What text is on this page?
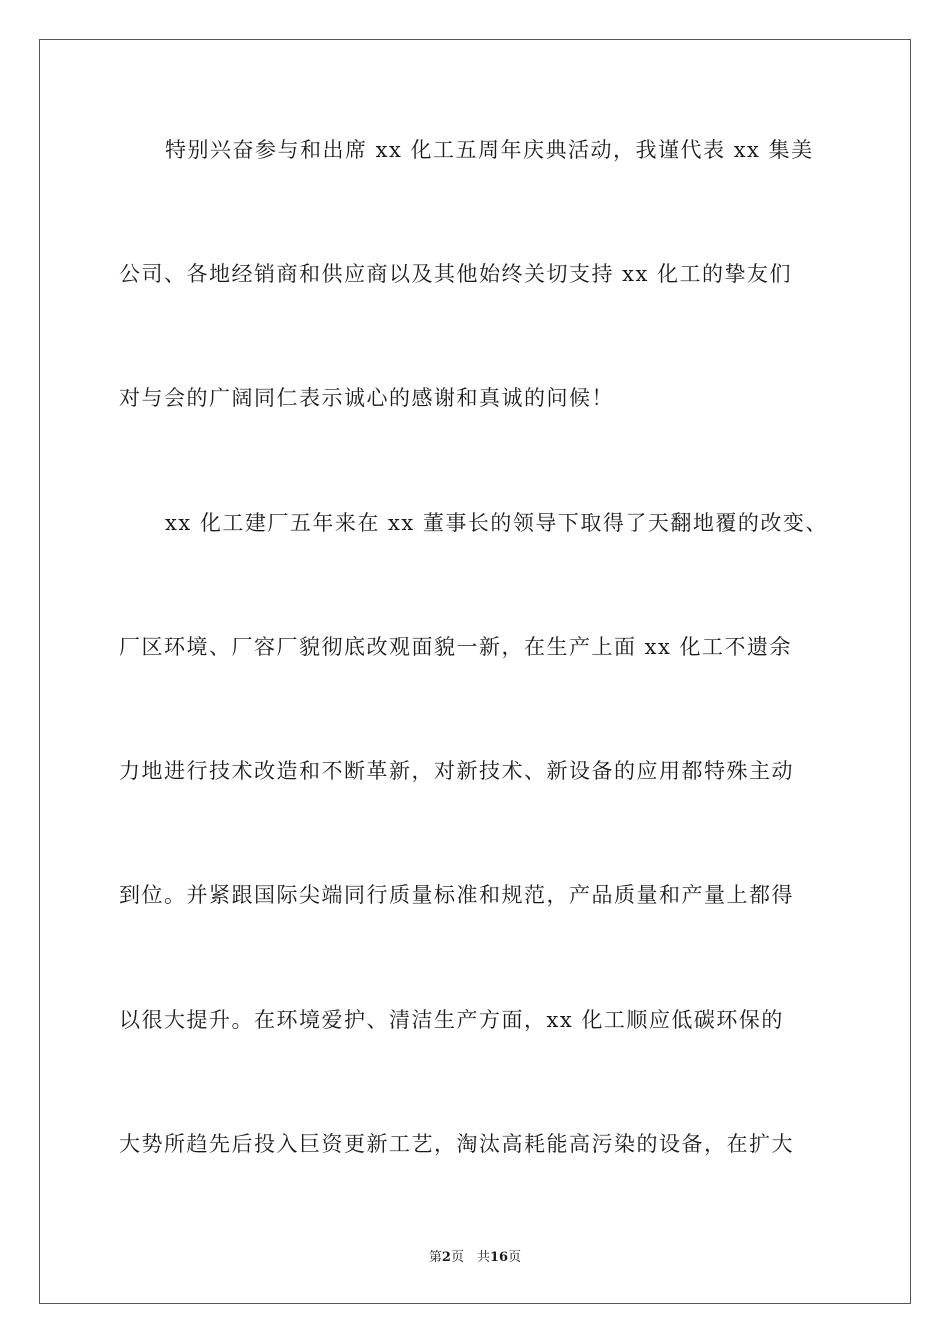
特别兴奋参与和出席 xx 化工五周年庆典活动，我谨代表 xx 集美
公司、各地经销商和供应商以及其他始终关切支持 xx 化工的挚友们
对与会的广阔同仁表示诚心的感谢和真诚的问候！
xx 化工建厂五年来在 xx 董事长的领导下取得了天翻地覆的改变、
厂区环境、厂容厂貌彻底改观面貌一新，在生产上面 xx 化工不遗余
力地进行技术改造和不断革新，对新技术、新设备的应用都特殊主动
到位。并紧跟国际尖端同行质量标准和规范，产品质量和产量上都得
以很大提升。在环境爱护、清洁生产方面，xx 化工顺应低碳环保的
大势所趋先后投入巨资更新工艺，淘汰高耗能高污染的设备，在扩大
第2页　共16页
